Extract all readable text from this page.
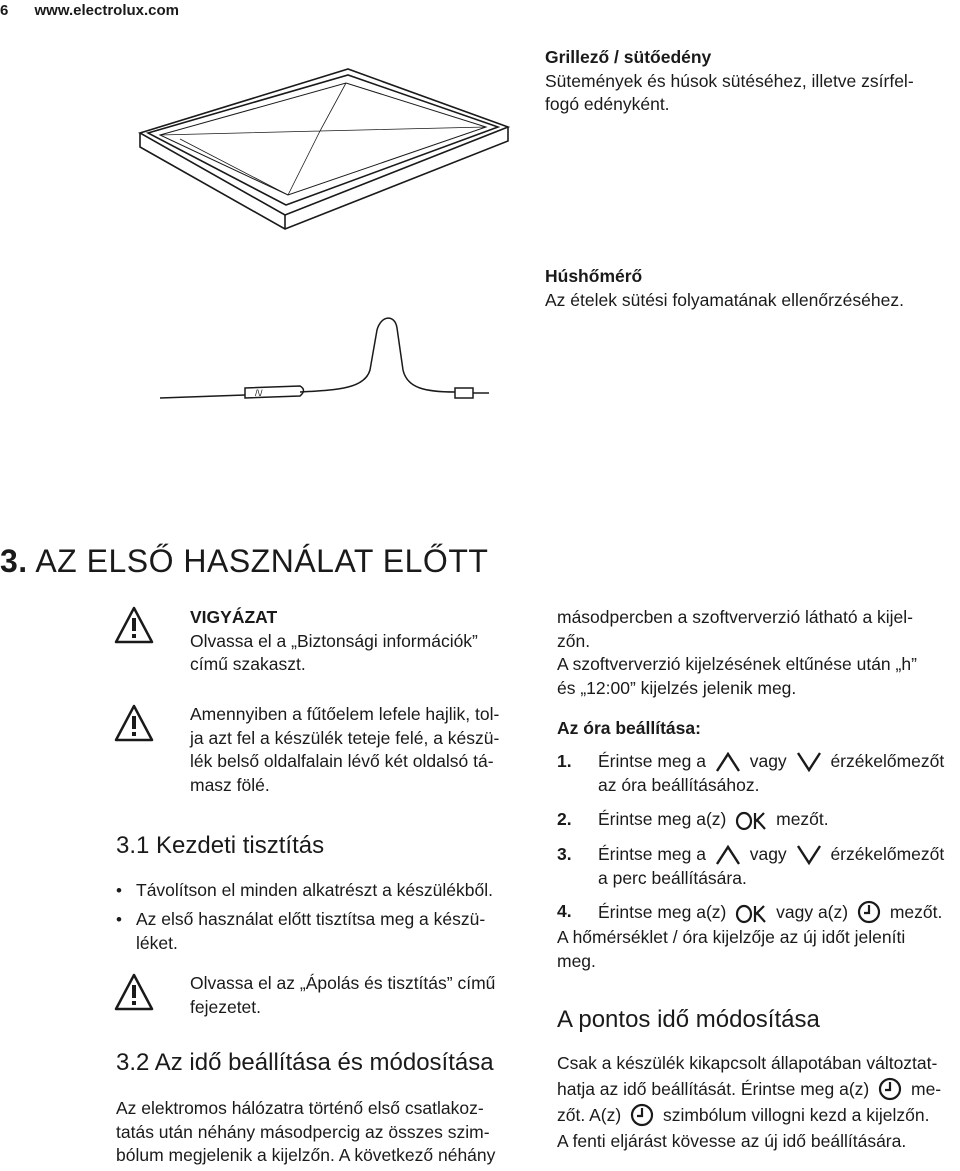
6 www.electrolux.com
/\/
Grillező / sütőedény
Sütemények és húsok sütéséhez, illetve zsírfel-
fogó edényként.
Húshőmérő
Az ételek sütési folyamatának ellenőrzéséhez.
3. AZ ELSŐ HASZNÁLAT ELŐTT
VIGYÁZAT
Olvassa el a „Biztonsági információk”
című szakaszt.
Amennyiben a fűtőelem lefele hajlik, tol-
ja azt fel a készülék teteje felé, a készü-
lék belső oldalfalain lévő két oldalsó tá-
masz fölé.
3.1 Kezdeti tisztítás
• Távolítson el minden alkatrészt a készülékből.
• Az első használat előtt tisztítsa meg a készü-
léket.
Olvassa el az „Ápolás és tisztítás” című
fejezetet.
3.2 Az idő beállítása és módosítása
Az elektromos hálózatra történő első csatlakoz-
tatás után néhány másodpercig az összes szim-
bólum megjelenik a kijelzőn. A következő néhány
másodpercben a szoftververzió látható a kijel-
zőn.
A szoftververzió kijelzésének eltűnése után „h”
és „12:00” kijelzés jelenik meg.
Az óra beállítása:
1.	Érintse meg a	vagy	érzékelőmezőt
az óra beállításához.
2.	Érintse meg a(z)	mezőt.
3.	Érintse meg a	vagy	érzékelőmezőt
a perc beállítására.
4.	Érintse meg a(z)	vagy a(z) mezőt.
A hőmérséklet / óra kijelzője az új időt jeleníti
meg.
A pontos idő módosítása
Csak a készülék kikapcsolt állapotában változtat-
hatja az idő beállítását. Érintse meg a(z) me-
zőt. A(z) szimbólum villogni kezd a kijelzőn.
A fenti eljárást kövesse az új idő beállítására.
